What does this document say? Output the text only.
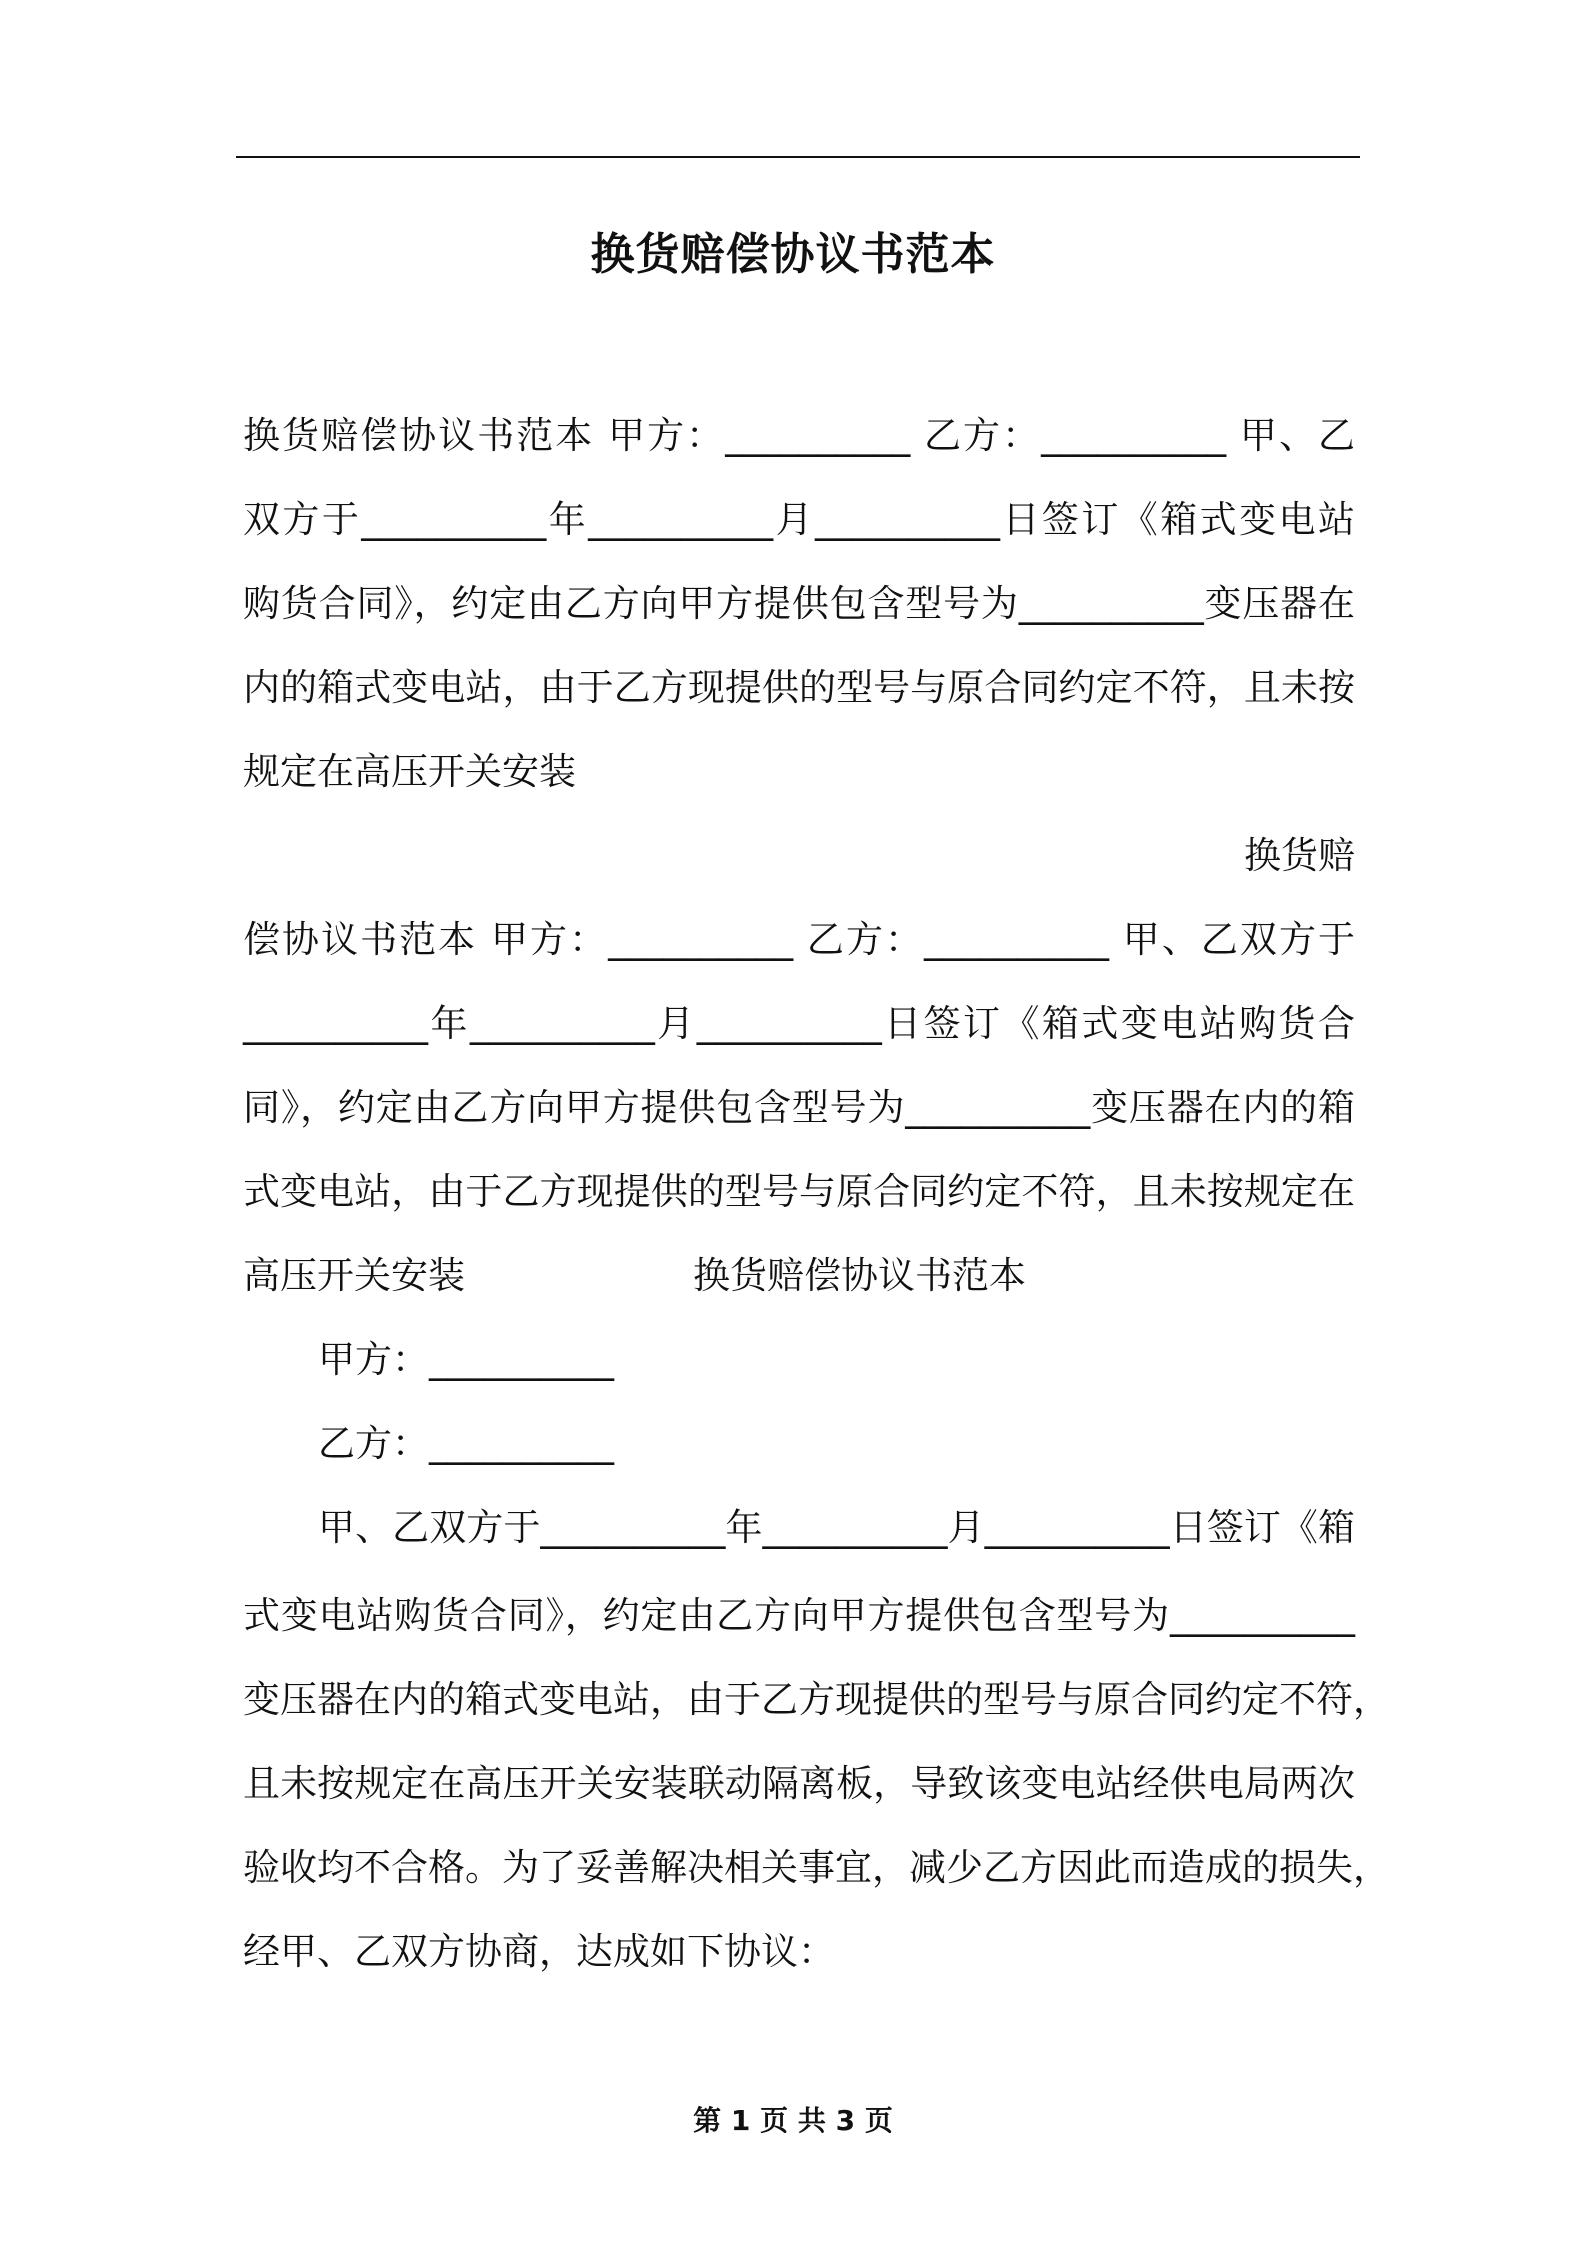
换货赔偿协议书范本
换货赔偿协议书范本 甲方：__________ 乙方：__________ 甲、乙
双方于__________年__________月__________日签订《箱式变电站
购货合同》，约定由乙方向甲方提供包含型号为__________变压器在
内的箱式变电站，由于乙方现提供的型号与原合同约定不符，且未按
规定在高压开关安装
换货赔
偿协议书范本 甲方：__________ 乙方：__________ 甲、乙双方于
__________年__________月__________日签订《箱式变电站购货合
同》，约定由乙方向甲方提供包含型号为__________变压器在内的箱
式变电站，由于乙方现提供的型号与原合同约定不符，且未按规定在
高压开关安装	换货赔偿协议书范本
甲方：__________
乙方：__________
甲、乙双方于__________年__________月__________日签订《箱
式变电站购货合同》，约定由乙方向甲方提供包含型号为__________
变压器在内的箱式变电站，由于乙方现提供的型号与原合同约定不符，
且未按规定在高压开关安装联动隔离板，导致该变电站经供电局两次
验收均不合格。为了妥善解决相关事宜，减少乙方因此而造成的损失，
经甲、乙双方协商，达成如下协议：
第 1 页 共 3 页
